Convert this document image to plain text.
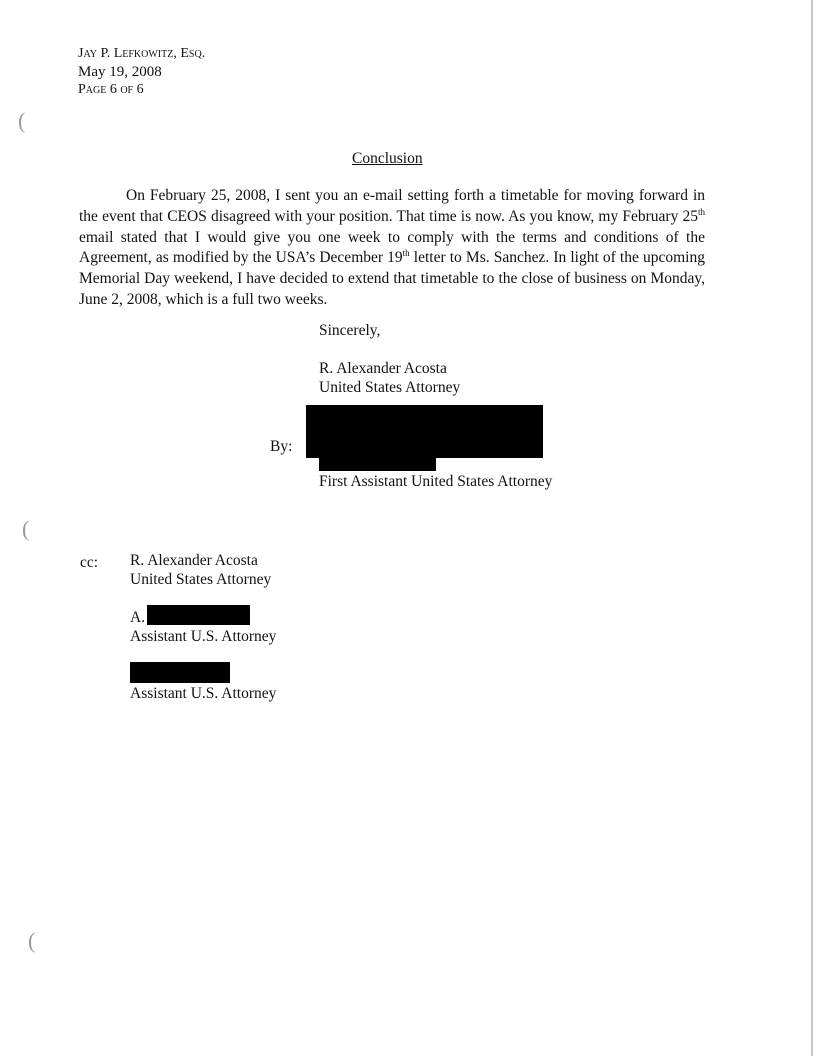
(
(
(
Jay P. Lefkowitz, Esq.
May 19, 2008
Page 6 of 6
Conclusion
On February 25, 2008, I sent you an e-mail setting forth a timetable for moving forward in
the event that CEOS disagreed with your position. That time is now. As you know, my February 25th
email stated that I would give you one week to comply with the terms and conditions of the
Agreement, as modified by the USA’s December 19th letter to Ms. Sanchez. In light of the upcoming
Memorial Day weekend, I have decided to extend that timetable to the close of business on Monday,
June 2, 2008, which is a full two weeks.
Sincerely,
R. Alexander Acosta
United States Attorney
By:
First Assistant United States Attorney
cc: R. Alexander Acosta
United States Attorney
A.
Assistant U.S. Attorney
Assistant U.S. Attorney
